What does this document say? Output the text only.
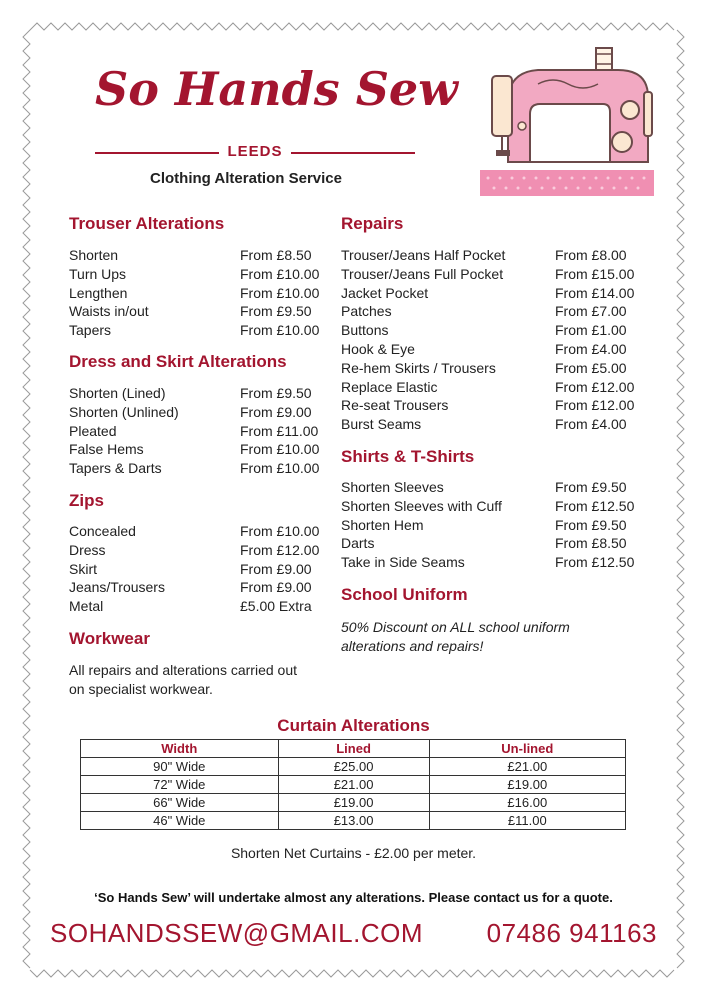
So Hands Sew
LEEDS
Clothing Alteration Service
Trouser Alterations
Shorten	From £8.50
Turn Ups	From £10.00
Lengthen	From £10.00
Waists in/out	From £9.50
Tapers	From £10.00
Dress and Skirt Alterations
Shorten (Lined)	From £9.50
Shorten (Unlined)	From £9.00
Pleated	From £11.00
False Hems	From £10.00
Tapers & Darts	From £10.00
Zips
Concealed	From £10.00
Dress	From £12.00
Skirt	From £9.00
Jeans/Trousers	From £9.00
Metal	£5.00 Extra
Workwear
All repairs and alterations carried out
on specialist workwear.
Repairs
Trouser/Jeans Half Pocket	From £8.00
Trouser/Jeans Full Pocket	From £15.00
Jacket Pocket	From £14.00
Patches	From £7.00
Buttons	From £1.00
Hook & Eye	From £4.00
Re-hem Skirts / Trousers	From £5.00
Replace Elastic	From £12.00
Re-seat Trousers	From £12.00
Burst Seams	From £4.00
Shirts & T-Shirts
Shorten Sleeves	From £9.50
Shorten Sleeves with Cuff	From £12.50
Shorten Hem	From £9.50
Darts	From £8.50
Take in Side Seams	From £12.50
School Uniform
50% Discount on ALL school uniform
alterations and repairs!
Curtain Alterations
Width	Lined	Un-lined
90" Wide	£25.00	£21.00
72" Wide	£21.00	£19.00
66" Wide	£19.00	£16.00
46" Wide	£13.00	£11.00
Shorten Net Curtains - £2.00 per meter.
‘So Hands Sew’ will undertake almost any alterations. Please contact us for a quote.
SOHANDSSEW@GMAIL.COM 07486 941163
